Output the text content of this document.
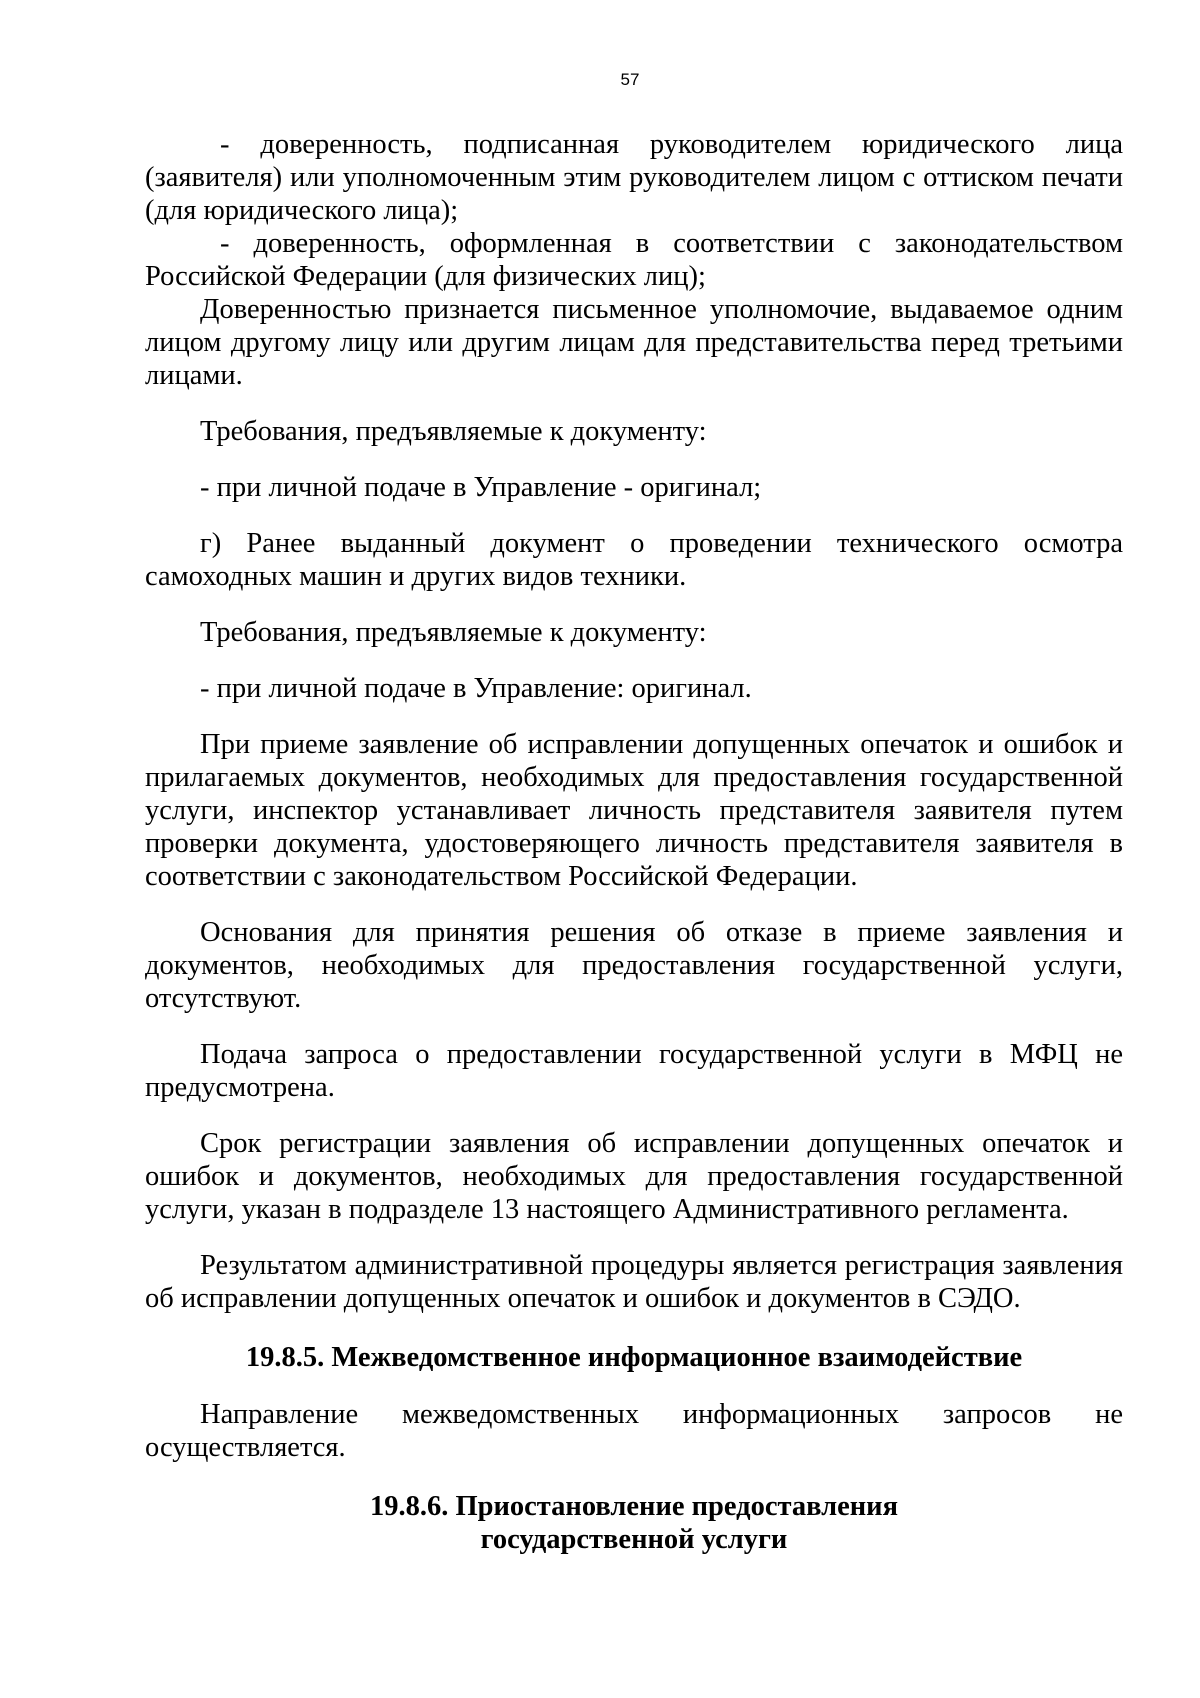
57

- доверенность, подписанная руководителем юридического лица (заявителя) или уполномоченным этим руководителем лицом с оттиском печати (для юридического лица);

- доверенность, оформленная в соответствии с законодательством Российской Федерации (для физических лиц);

Доверенностью признается письменное уполномочие, выдаваемое одним лицом другому лицу или другим лицам для представительства перед третьими лицами.

Требования, предъявляемые к документу:

- при личной подаче в Управление - оригинал;

г) Ранее выданный документ о проведении технического осмотра самоходных машин и других видов техники.

Требования, предъявляемые к документу:

- при личной подаче в Управление: оригинал.

При приеме заявление об исправлении допущенных опечаток и ошибок и прилагаемых документов, необходимых для предоставления государственной услуги, инспектор устанавливает личность представителя заявителя путем проверки документа, удостоверяющего личность представителя заявителя в соответствии с законодательством Российской Федерации.

Основания для принятия решения об отказе в приеме заявления и документов, необходимых для предоставления государственной услуги, отсутствуют.

Подача запроса о предоставлении государственной услуги в МФЦ не предусмотрена.

Срок регистрации заявления об исправлении допущенных опечаток и ошибок и документов, необходимых для предоставления государственной услуги, указан в подразделе 13 настоящего Административного регламента.

Результатом административной процедуры является регистрация заявления об исправлении допущенных опечаток и ошибок и документов в СЭДО.

19.8.5. Межведомственное информационное взаимодействие

Направление межведомственных информационных запросов не осуществляется.

19.8.6. Приостановление предоставления
государственной услуги
